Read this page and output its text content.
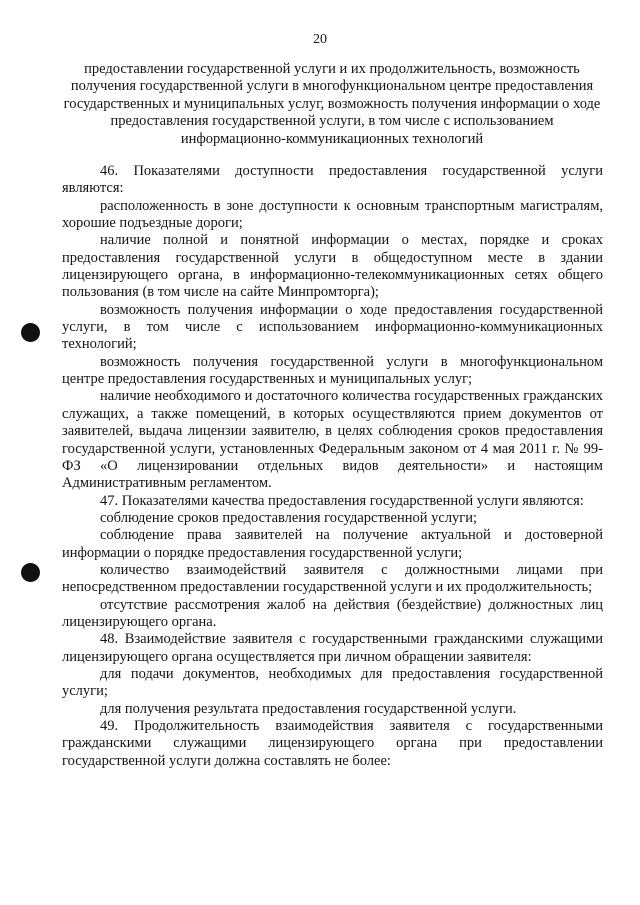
20
предоставлении государственной услуги и их продолжительность, возможность получения государственной услуги в многофункциональном центре предоставления государственных и муниципальных услуг, возможность получения информации о ходе предоставления государственной услуги, в том числе с использованием информационно-коммуникационных технологий

46. Показателями доступности предоставления государственной услуги являются:

расположенность в зоне доступности к основным транспортным магистралям, хорошие подъездные дороги;

наличие полной и понятной информации о местах, порядке и сроках предоставления государственной услуги в общедоступном месте в здании лицензирующего органа, в информационно-телекоммуникационных сетях общего пользования (в том числе на сайте Минпромторга);

возможность получения информации о ходе предоставления государственной услуги, в том числе с использованием информационно-коммуникационных технологий;

возможность получения государственной услуги в многофункциональном центре предоставления государственных и муниципальных услуг;

наличие необходимого и достаточного количества государственных гражданских служащих, а также помещений, в которых осуществляются прием документов от заявителей, выдача лицензии заявителю, в целях соблюдения сроков предоставления государственной услуги, установленных Федеральным законом от 4 мая 2011 г. № 99-ФЗ «О лицензировании отдельных видов деятельности» и настоящим Административным регламентом.

47. Показателями качества предоставления государственной услуги являются:

соблюдение сроков предоставления государственной услуги;

соблюдение права заявителей на получение актуальной и достоверной информации о порядке предоставления государственной услуги;

количество взаимодействий заявителя с должностными лицами при непосредственном предоставлении государственной услуги и их продолжительность;

отсутствие рассмотрения жалоб на действия (бездействие) должностных лиц лицензирующего органа.

48. Взаимодействие заявителя с государственными гражданскими служащими лицензирующего органа осуществляется при личном обращении заявителя:

для подачи документов, необходимых для предоставления государственной услуги;

для получения результата предоставления государственной услуги.

49. Продолжительность взаимодействия заявителя с государственными гражданскими служащими лицензирующего органа при предоставлении государственной услуги должна составлять не более:
